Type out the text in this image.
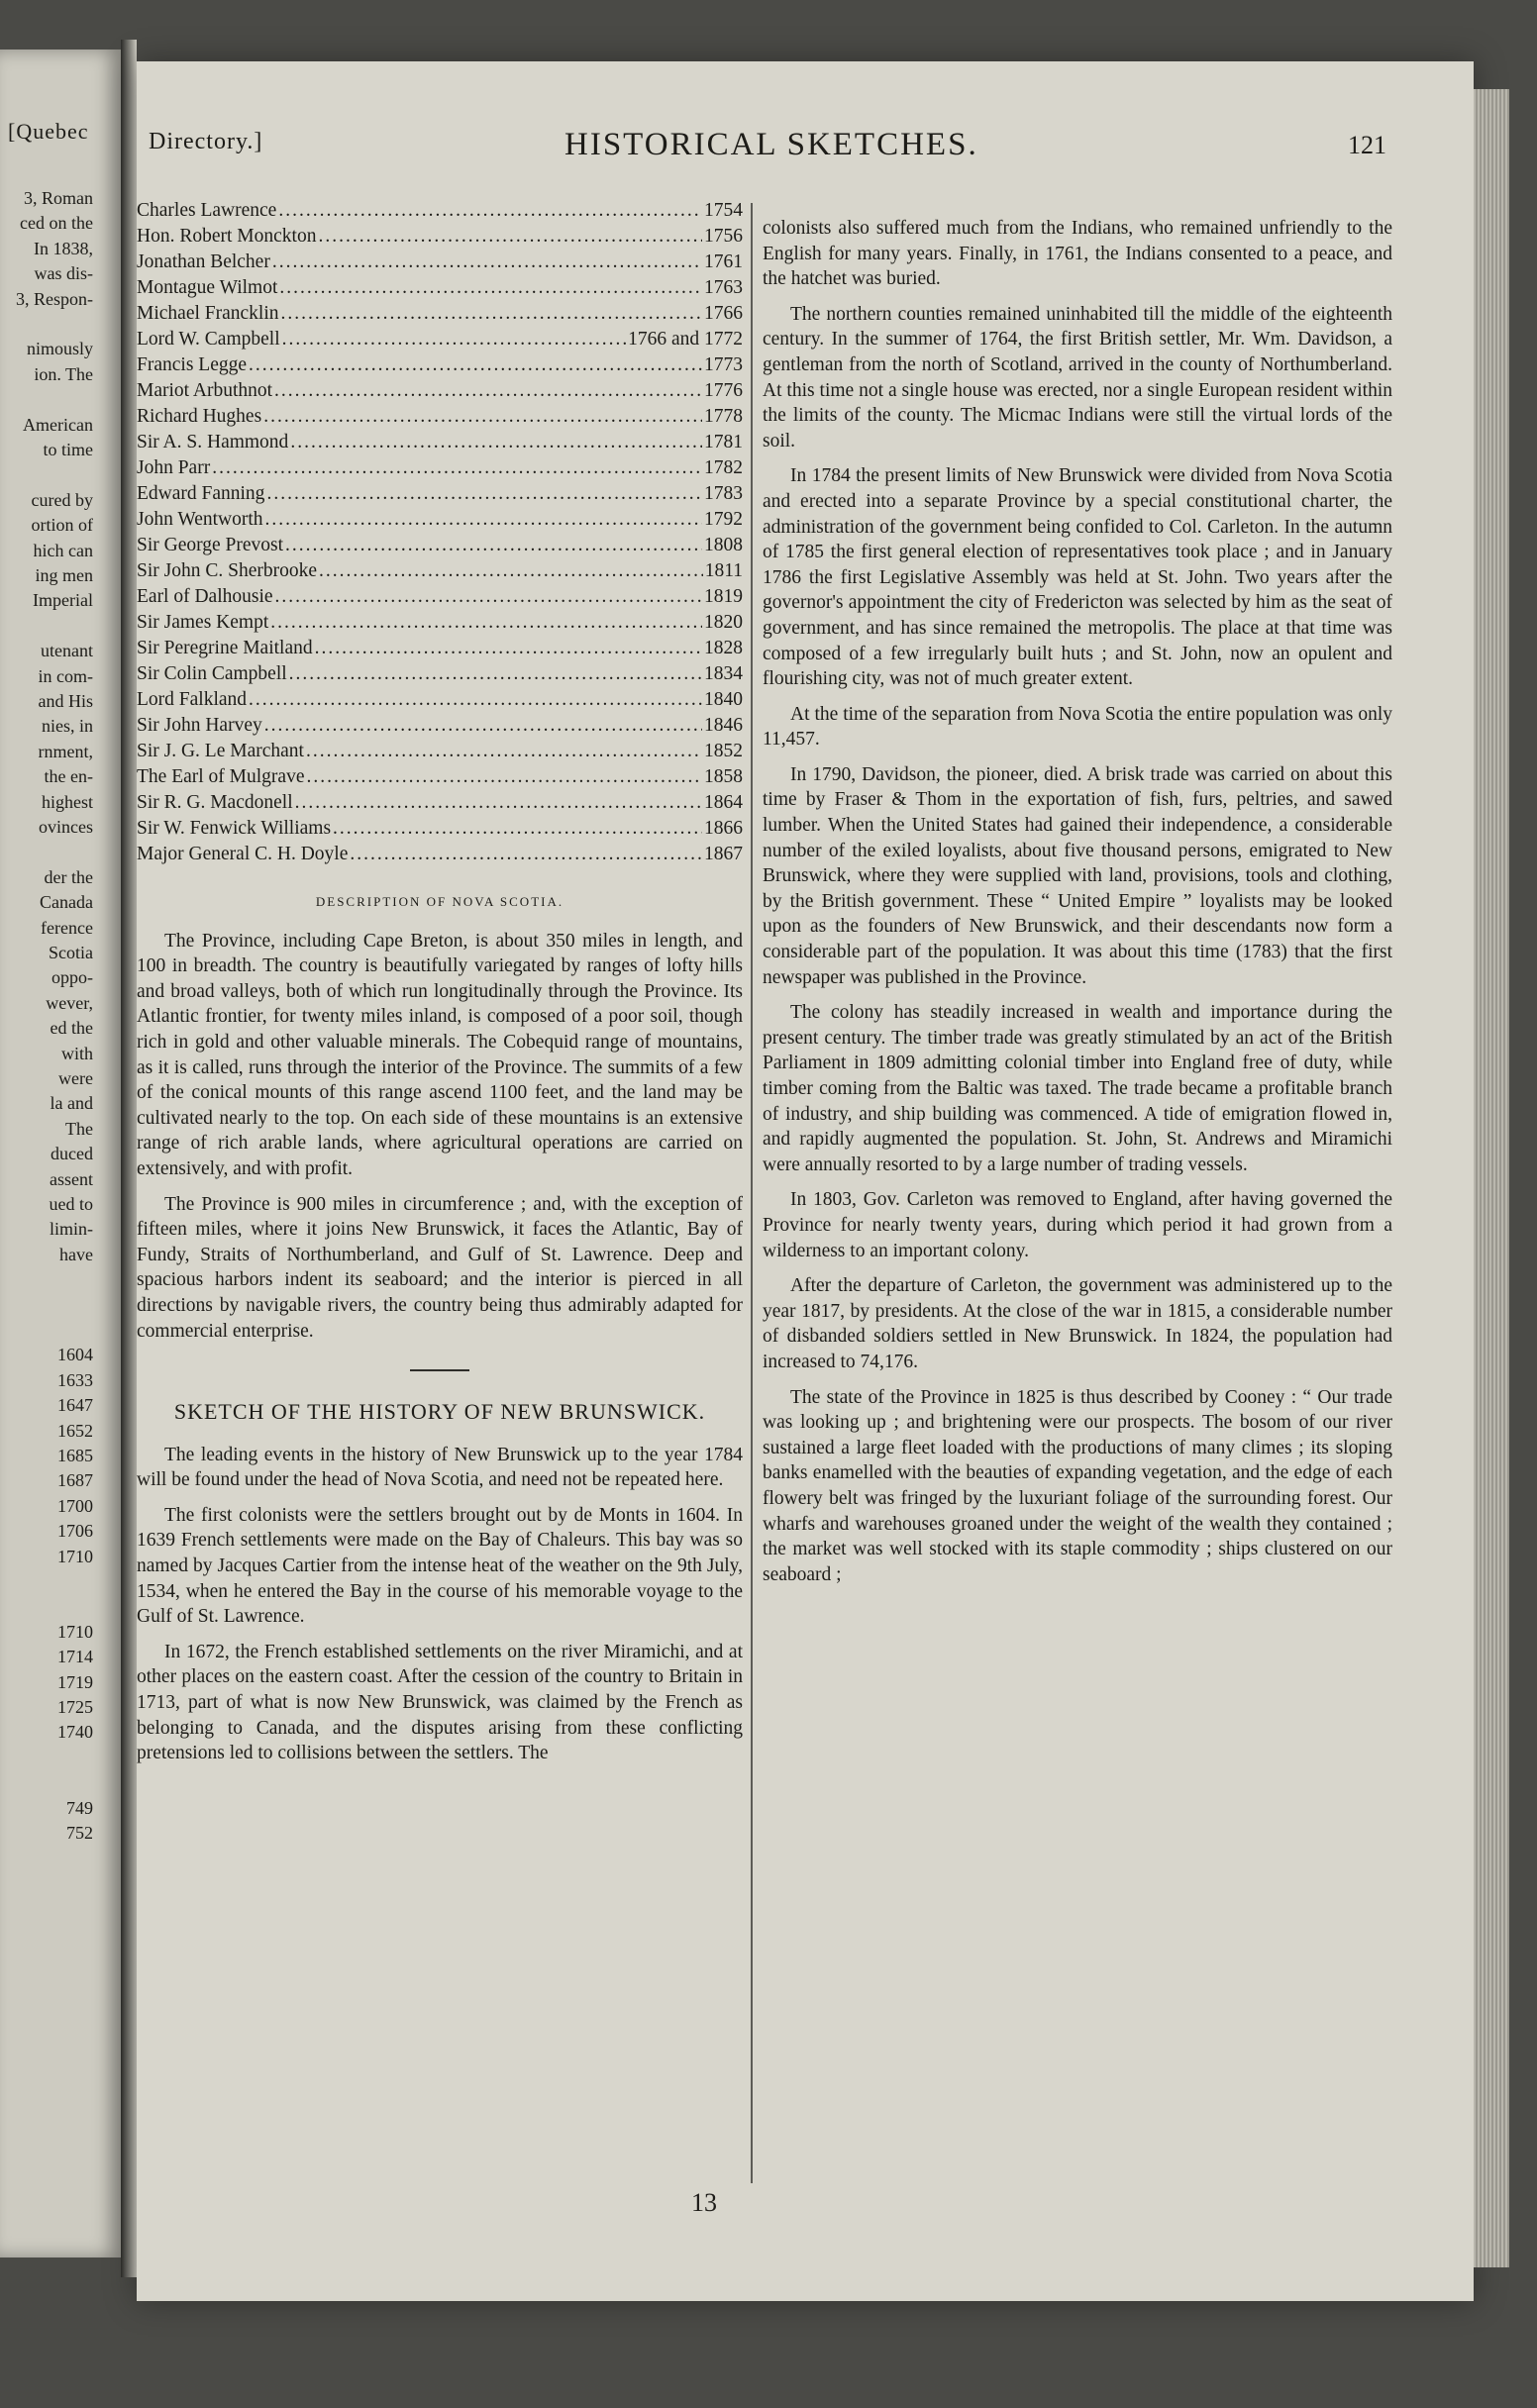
[Quebec
3, Roman
ced on the
In 1838,
was dis-
3, Respon-
nimously
ion. The
American
to time
cured by
ortion of
hich can
ing men
Imperial
utenant
in com-
and His
nies, in
rnment,
the en-
highest
ovinces
der the
Canada
ference
Scotia
oppo-
wever,
ed the
with
were
la and
The
duced
assent
ued to
limin-
have
1604
1633
1647
1652
1685
1687
1700
1706
1710
1710
1714
1719
1725
1740
749
752
Directory.]	HISTORICAL SKETCHES.	121
Charles Lawrence .....	1754
Hon. Robert Monckton .....	1756
Jonathan Belcher .....	1761
Montague Wilmot .....	1763
Michael Francklin .....	1766
Lord W. Campbell .....	1766 and 1772
Francis Legge .....	1773
Mariot Arbuthnot .....	1776
Richard Hughes .....	1778
Sir A. S. Hammond .....	1781
John Parr .....	1782
Edward Fanning .....	1783
John Wentworth .....	1792
Sir George Prevost .....	1808
Sir John C. Sherbrooke .....	1811
Earl of Dalhousie .....	1819
Sir James Kempt .....	1820
Sir Peregrine Maitland .....	1828
Sir Colin Campbell .....	1834
Lord Falkland .....	1840
Sir John Harvey .....	1846
Sir J. G. Le Marchant .....	1852
The Earl of Mulgrave .....	1858
Sir R. G. Macdonell .....	1864
Sir W. Fenwick Williams .....	1866
Major General C. H. Doyle .....	1867
DESCRIPTION OF NOVA SCOTIA.

The Province, including Cape Breton, is about 350 miles in length, and 100 in breadth. The country is beautifully variegated by ranges of lofty hills and broad valleys, both of which run longitudinally through the Province. Its Atlantic frontier, for twenty miles inland, is composed of a poor soil, though rich in gold and other valuable minerals. The Cobequid range of mountains, as it is called, runs through the interior of the Province. The summits of a few of the conical mounts of this range ascend 1100 feet, and the land may be cultivated nearly to the top. On each side of these mountains is an extensive range of rich arable lands, where agricultural operations are carried on extensively, and with profit.

The Province is 900 miles in circumference ; and, with the exception of fifteen miles, where it joins New Brunswick, it faces the Atlantic, Bay of Fundy, Straits of Northumberland, and Gulf of St. Lawrence. Deep and spacious harbors indent its seaboard; and the interior is pierced in all directions by navigable rivers, the country being thus admirably adapted for commercial enterprise.

SKETCH OF THE HISTORY OF NEW BRUNSWICK.

The leading events in the history of New Brunswick up to the year 1784 will be found under the head of Nova Scotia, and need not be repeated here.

The first colonists were the settlers brought out by de Monts in 1604. In 1639 French settlements were made on the Bay of Chaleurs. This bay was so named by Jacques Cartier from the intense heat of the weather on the 9th July, 1534, when he entered the Bay in the course of his memorable voyage to the Gulf of St. Lawrence.

In 1672, the French established settlements on the river Miramichi, and at other places on the eastern coast. After the cession of the country to Britain in 1713, part of what is now New Brunswick, was claimed by the French as belonging to Canada, and the disputes arising from these conflicting pretensions led to collisions between the settlers. The

colonists also suffered much from the Indians, who remained unfriendly to the English for many years. Finally, in 1761, the Indians consented to a peace, and the hatchet was buried.

The northern counties remained uninhabited till the middle of the eighteenth century. In the summer of 1764, the first British settler, Mr. Wm. Davidson, a gentleman from the north of Scotland, arrived in the county of Northumberland. At this time not a single house was erected, nor a single European resident within the limits of the county. The Micmac Indians were still the virtual lords of the soil.

In 1784 the present limits of New Brunswick were divided from Nova Scotia and erected into a separate Province by a special constitutional charter, the administration of the government being confided to Col. Carleton. In the autumn of 1785 the first general election of representatives took place ; and in January 1786 the first Legislative Assembly was held at St. John. Two years after the governor's appointment the city of Fredericton was selected by him as the seat of government, and has since remained the metropolis. The place at that time was composed of a few irregularly built huts ; and St. John, now an opulent and flourishing city, was not of much greater extent.

At the time of the separation from Nova Scotia the entire population was only 11,457.

In 1790, Davidson, the pioneer, died. A brisk trade was carried on about this time by Fraser & Thom in the exportation of fish, furs, peltries, and sawed lumber. When the United States had gained their independence, a considerable number of the exiled loyalists, about five thousand persons, emigrated to New Brunswick, where they were supplied with land, provisions, tools and clothing, by the British government. These “ United Empire ” loyalists may be looked upon as the founders of New Brunswick, and their descendants now form a considerable part of the population. It was about this time (1783) that the first newspaper was published in the Province.

The colony has steadily increased in wealth and importance during the present century. The timber trade was greatly stimulated by an act of the British Parliament in 1809 admitting colonial timber into England free of duty, while timber coming from the Baltic was taxed. The trade became a profitable branch of industry, and ship building was commenced. A tide of emigration flowed in, and rapidly augmented the population. St. John, St. Andrews and Miramichi were annually resorted to by a large number of trading vessels.

In 1803, Gov. Carleton was removed to England, after having governed the Province for nearly twenty years, during which period it had grown from a wilderness to an important colony.

After the departure of Carleton, the government was administered up to the year 1817, by presidents. At the close of the war in 1815, a considerable number of disbanded soldiers settled in New Brunswick. In 1824, the population had increased to 74,176.

The state of the Province in 1825 is thus described by Cooney : “ Our trade was looking up ; and brightening were our prospects. The bosom of our river sustained a large fleet loaded with the productions of many climes ; its sloping banks enamelled with the beauties of expanding vegetation, and the edge of each flowery belt was fringed by the luxuriant foliage of the surrounding forest. Our wharfs and warehouses groaned under the weight of the wealth they contained ; the market was well stocked with its staple commodity ; ships clustered on our seaboard ;

13
